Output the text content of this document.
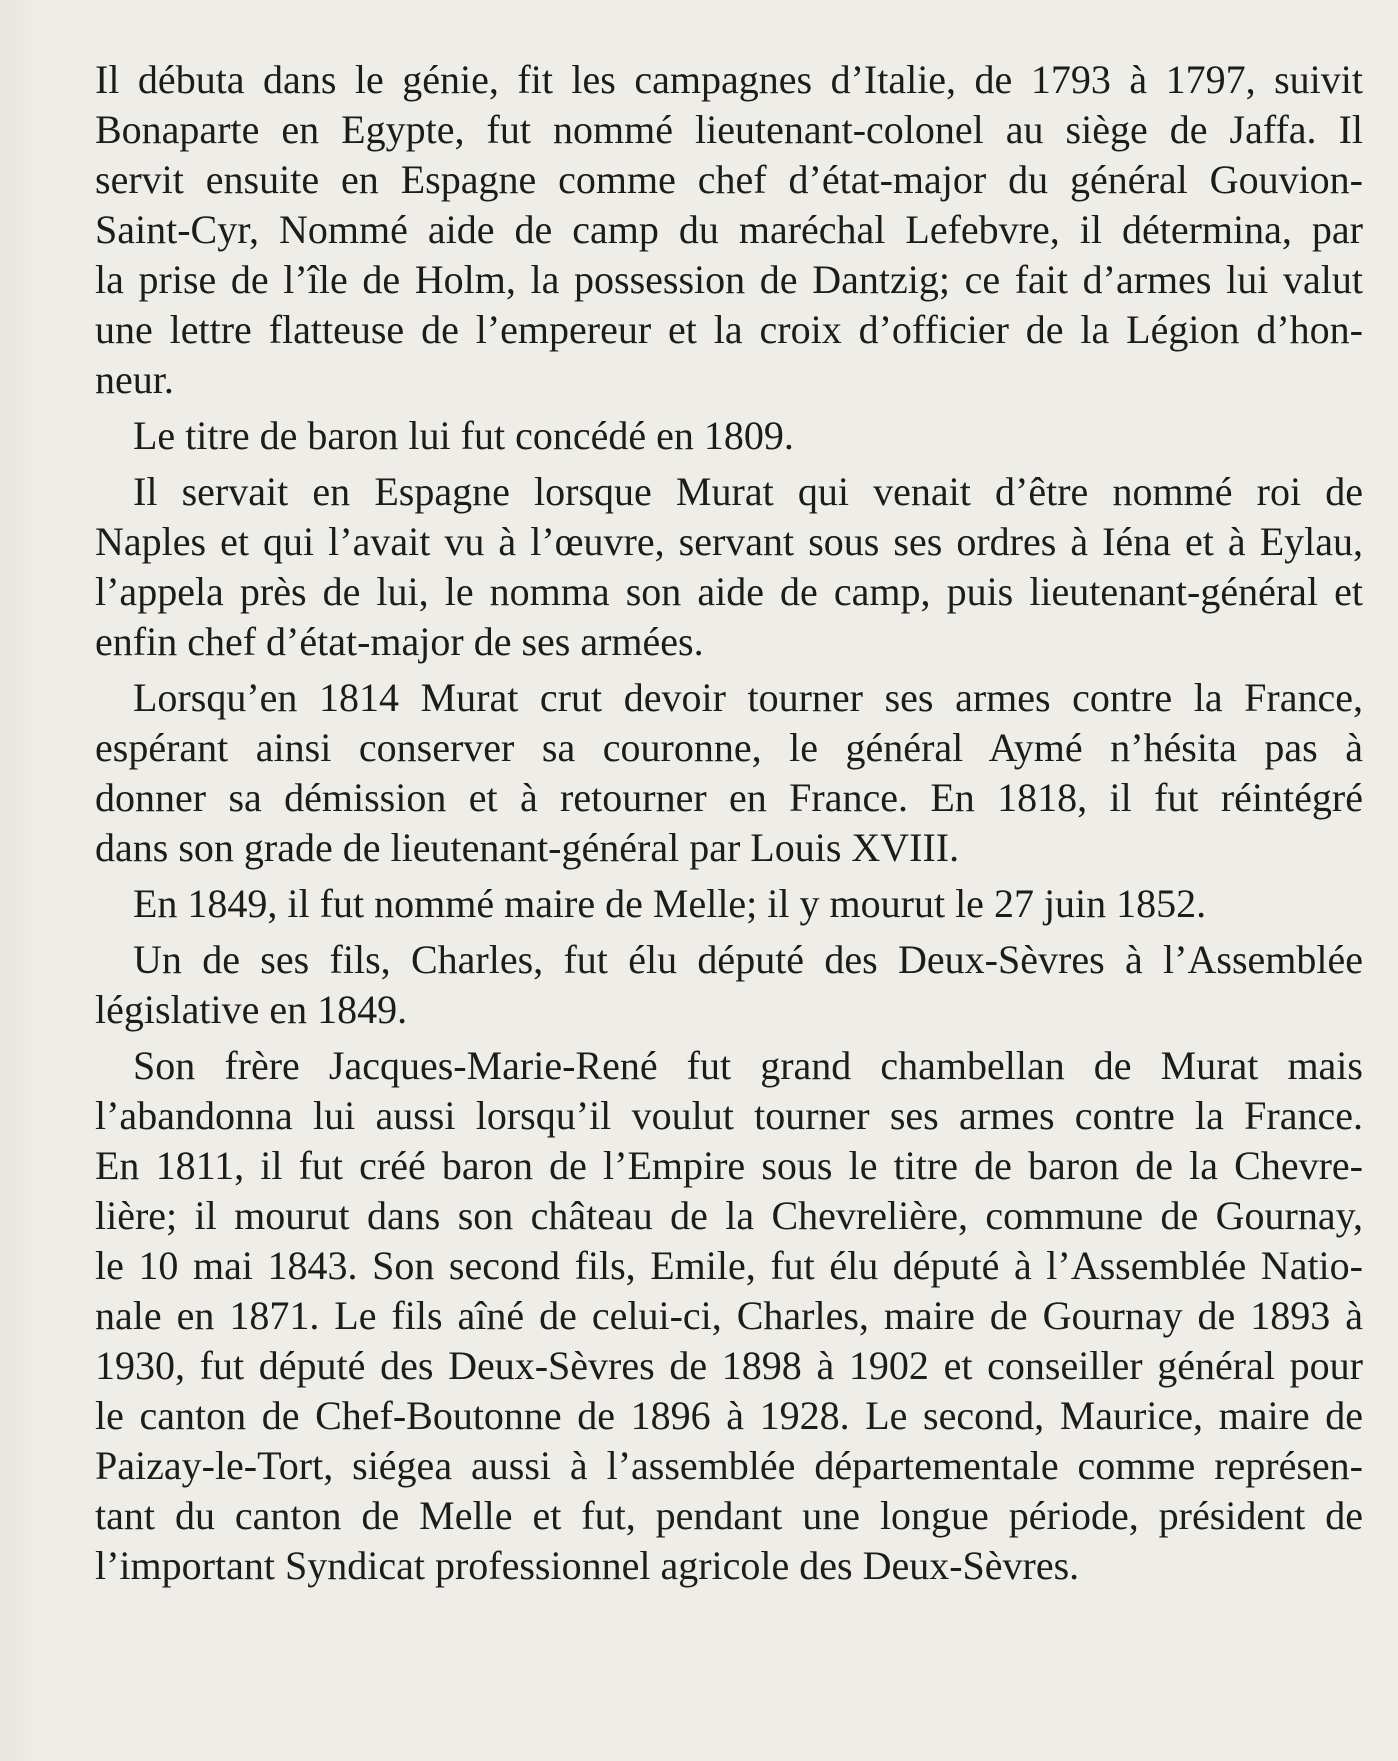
Il débuta dans le génie, fit les campagnes d’Italie, de 1793 à 1797, suivit
Bonaparte en Egypte, fut nommé lieutenant-colonel au siège de Jaffa. Il
servit ensuite en Espagne comme chef d’état-major du général Gouvion-
Saint-Cyr, Nommé aide de camp du maréchal Lefebvre, il détermina, par
la prise de l’île de Holm, la possession de Dantzig; ce fait d’armes lui valut
une lettre flatteuse de l’empereur et la croix d’officier de la Légion d’hon-
neur.
Le titre de baron lui fut concédé en 1809.
Il servait en Espagne lorsque Murat qui venait d’être nommé roi de
Naples et qui l’avait vu à l’œuvre, servant sous ses ordres à Iéna et à Eylau,
l’appela près de lui, le nomma son aide de camp, puis lieutenant-général et
enfin chef d’état-major de ses armées.
Lorsqu’en 1814 Murat crut devoir tourner ses armes contre la France,
espérant ainsi conserver sa couronne, le général Aymé n’hésita pas à
donner sa démission et à retourner en France. En 1818, il fut réintégré
dans son grade de lieutenant-général par Louis XVIII.
En 1849, il fut nommé maire de Melle; il y mourut le 27 juin 1852.
Un de ses fils, Charles, fut élu député des Deux-Sèvres à l’Assemblée
législative en 1849.
Son frère Jacques-Marie-René fut grand chambellan de Murat mais
l’abandonna lui aussi lorsqu’il voulut tourner ses armes contre la France.
En 1811, il fut créé baron de l’Empire sous le titre de baron de la Chevre-
lière; il mourut dans son château de la Chevrelière, commune de Gournay,
le 10 mai 1843. Son second fils, Emile, fut élu député à l’Assemblée Natio-
nale en 1871. Le fils aîné de celui-ci, Charles, maire de Gournay de 1893 à
1930, fut député des Deux-Sèvres de 1898 à 1902 et conseiller général pour
le canton de Chef-Boutonne de 1896 à 1928. Le second, Maurice, maire de
Paizay-le-Tort, siégea aussi à l’assemblée départementale comme représen-
tant du canton de Melle et fut, pendant une longue période, président de
l’important Syndicat professionnel agricole des Deux-Sèvres.
